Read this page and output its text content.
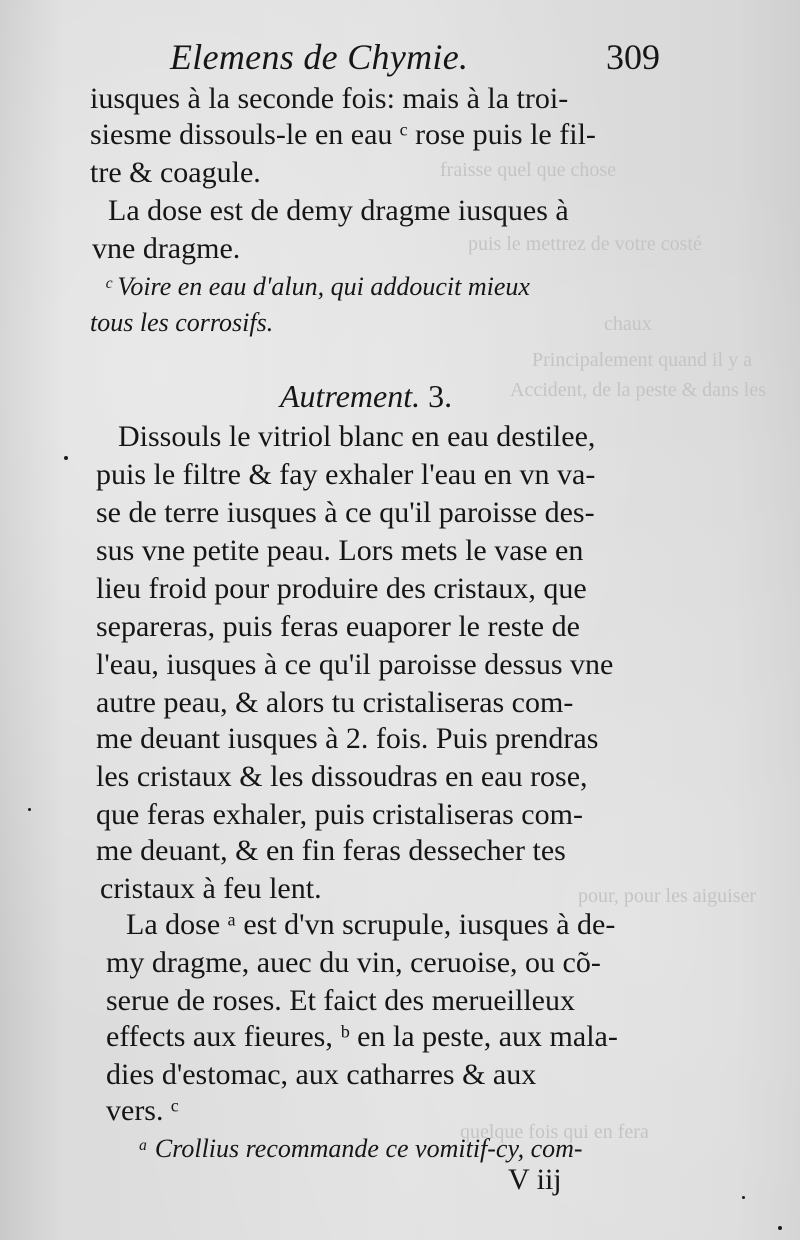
fraisse quel que chose
puis le mettrez de votre costé
chaux
Principalement quand il y a
Accident, de la peste & dans les
pour, pour les aiguiser
quelque fois qui en fera
Elemens de Chymie.	309
iusques à la seconde fois: mais à la troi-
siesme dissouls-le en eau ᶜ rose puis le fil-
tre & coagule.
La dose est de demy dragme iusques à
vne dragme.
ᶜ Voire en eau d'alun, qui addoucit mieux
tous les corrosifs.
Autrement. 3.
Dissouls le vitriol blanc en eau destilee,
puis le filtre & fay exhaler l'eau en vn va-
se de terre iusques à ce qu'il paroisse des-
sus vne petite peau. Lors mets le vase en
lieu froid pour produire des cristaux, que
separeras, puis feras euaporer le reste de
l'eau, iusques à ce qu'il paroisse dessus vne
autre peau, & alors tu cristaliseras com-
me deuant iusques à 2. fois. Puis prendras
les cristaux & les dissoudras en eau rose,
que feras exhaler, puis cristaliseras com-
me deuant, & en fin feras dessecher tes
cristaux à feu lent.
La dose ᵃ est d'vn scrupule, iusques à de-
my dragme, auec du vin, ceruoise, ou cõ-
serue de roses. Et faict des merueilleux
effects aux fieures, ᵇ en la peste, aux mala-
dies d'estomac, aux catharres & aux
vers. ᶜ
ᵃ Crollius recommande ce vomitif-cy, com-
V iij
